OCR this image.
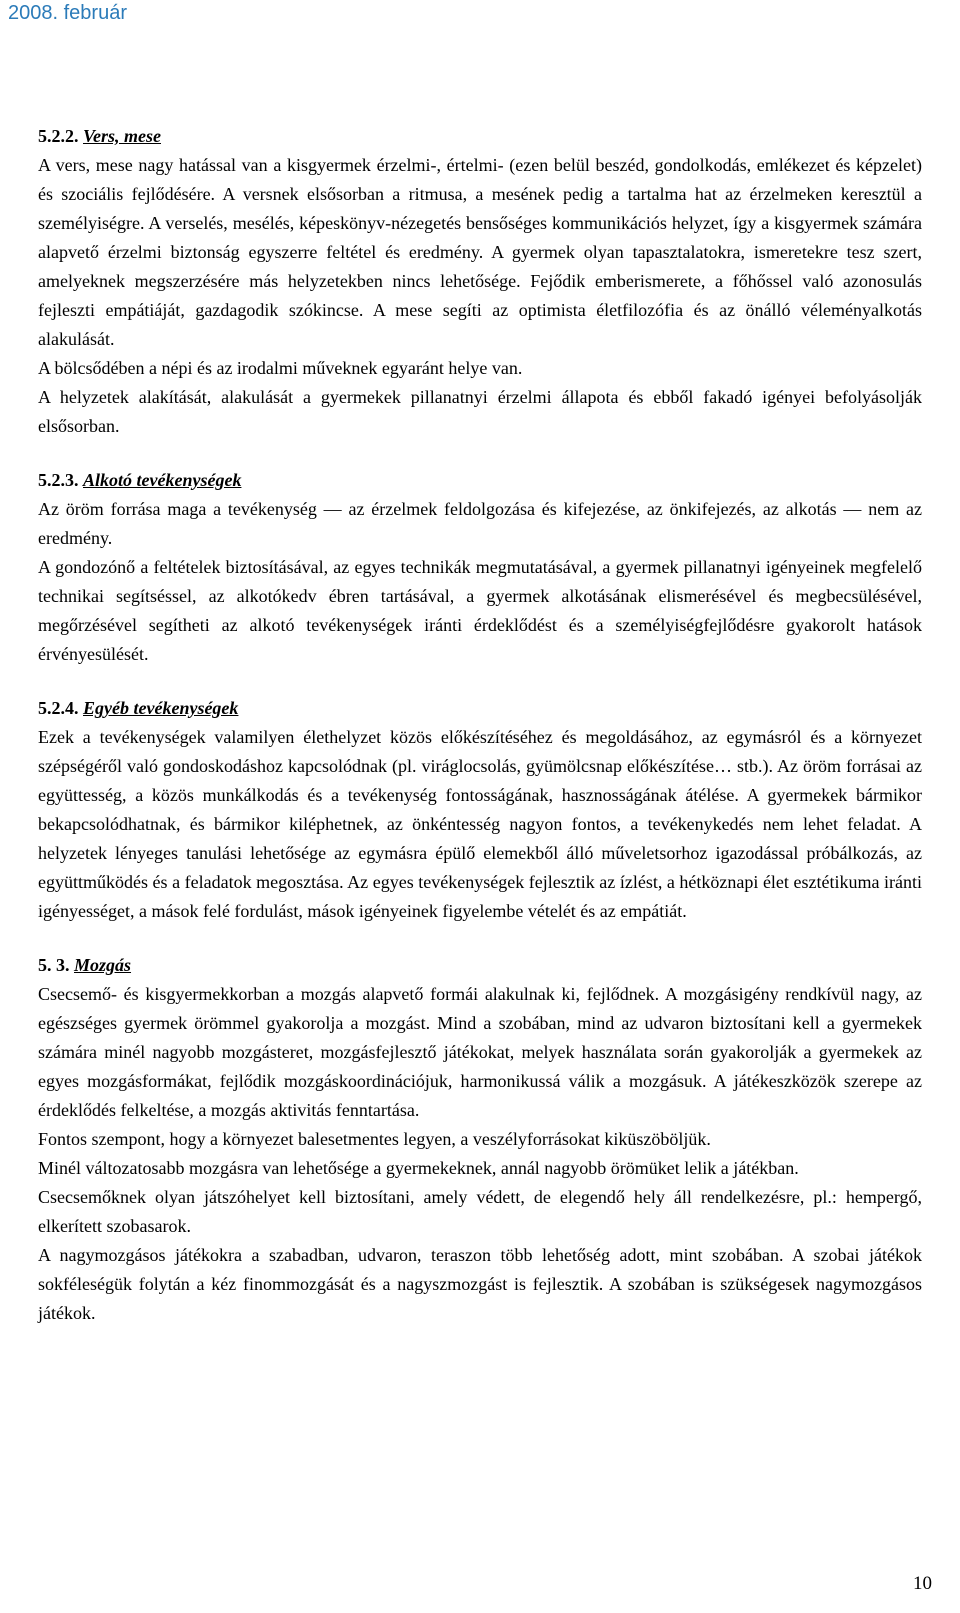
2008. február
5.2.2. Vers, mese

A vers, mese nagy hatással van a kisgyermek érzelmi-, értelmi- (ezen belül beszéd, gondolkodás, emlékezet és képzelet) és szociális fejlődésére. A versnek elsősorban a ritmusa, a mesének pedig a tartalma hat az érzelmeken keresztül a személyiségre. A verselés, mesélés, képeskönyv-nézegetés bensőséges kommunikációs helyzet, így a kisgyermek számára alapvető érzelmi biztonság egyszerre feltétel és eredmény. A gyermek olyan tapasztalatokra, ismeretekre tesz szert, amelyeknek megszerzésére más helyzetekben nincs lehetősége. Fejődik emberismerete, a főhőssel való azonosulás fejleszti empátiáját, gazdagodik szókincse. A mese segíti az optimista életfilozófia és az önálló véleményalkotás alakulását.

A bölcsődében a népi és az irodalmi műveknek egyaránt helye van.

A helyzetek alakítását, alakulását a gyermekek pillanatnyi érzelmi állapota és ebből fakadó igényei befolyásolják elsősorban.

5.2.3. Alkotó tevékenységek

Az öröm forrása maga a tevékenység ― az érzelmek feldolgozása és kifejezése, az önkifejezés, az alkotás ― nem az eredmény.

A gondozónő a feltételek biztosításával, az egyes technikák megmutatásával, a gyermek pillanatnyi igényeinek megfelelő technikai segítséssel, az alkotókedv ébren tartásával, a gyermek alkotásának elismerésével és megbecsülésével, megőrzésével segítheti az alkotó tevékenységek iránti érdeklődést és a személyiségfejlődésre gyakorolt hatások érvényesülését.

5.2.4. Egyéb tevékenységek

Ezek a tevékenységek valamilyen élethelyzet közös előkészítéséhez és megoldásához, az egymásról és a környezet szépségéről való gondoskodáshoz kapcsolódnak (pl. viráglocsolás, gyümölcsnap előkészítése… stb.). Az öröm forrásai az együttesség, a közös munkálkodás és a tevékenység fontosságának, hasznosságának átélése. A gyermekek bármikor bekapcsolódhatnak, és bármikor kiléphetnek, az önkéntesség nagyon fontos, a tevékenykedés nem lehet feladat. A helyzetek lényeges tanulási lehetősége az egymásra épülő elemekből álló műveletsorhoz igazodással próbálkozás, az együttműködés és a feladatok megosztása. Az egyes tevékenységek fejlesztik az ízlést, a hétköznapi élet esztétikuma iránti igényességet, a mások felé fordulást, mások igényeinek figyelembe vételét és az empátiát.

5. 3. Mozgás

Csecsemő- és kisgyermekkorban a mozgás alapvető formái alakulnak ki, fejlődnek. A mozgásigény rendkívül nagy, az egészséges gyermek örömmel gyakorolja a mozgást. Mind a szobában, mind az udvaron biztosítani kell a gyermekek számára minél nagyobb mozgásteret, mozgásfejlesztő játékokat, melyek használata során gyakorolják a gyermekek az egyes mozgásformákat, fejlődik mozgáskoordinációjuk, harmonikussá válik a mozgásuk. A játékeszközök szerepe az érdeklődés felkeltése, a mozgás aktivitás fenntartása.

Fontos szempont, hogy a környezet balesetmentes legyen, a veszélyforrásokat kiküszöböljük.

Minél változatosabb mozgásra van lehetősége a gyermekeknek, annál nagyobb örömüket lelik a játékban.

Csecsemőknek olyan játszóhelyet kell biztosítani, amely védett, de elegendő hely áll rendelkezésre, pl.: hempergő, elkerített szobasarok.

A nagymozgásos játékokra a szabadban, udvaron, teraszon több lehetőség adott, mint szobában. A szobai játékok sokféleségük folytán a kéz finommozgását és a nagyszmozgást is fejlesztik. A szobában is szükségesek nagymozgásos játékok.

10
